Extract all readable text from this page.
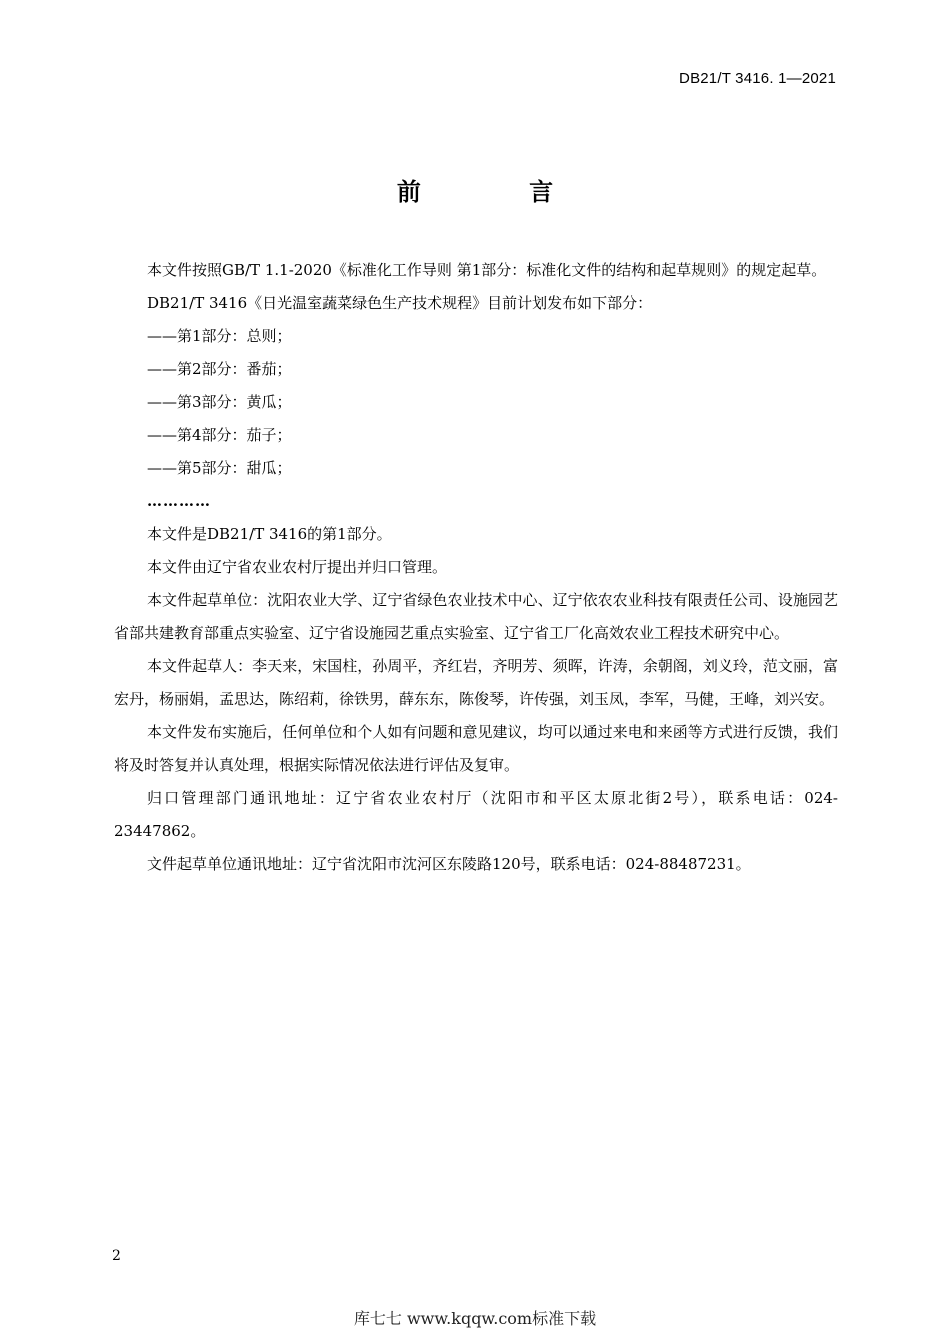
DB21/T 3416. 1—2021
前 言

本文件按照GB/T 1.1-2020《标准化工作导则 第1部分：标准化文件的结构和起草规则》的规定起草。

DB21/T 3416《日光温室蔬菜绿色生产技术规程》目前计划发布如下部分：

——第1部分：总则；

——第2部分：番茄；

——第3部分：黄瓜；

——第4部分：茄子；

——第5部分：甜瓜；

…………

本文件是DB21/T 3416的第1部分。

本文件由辽宁省农业农村厅提出并归口管理。

本文件起草单位：沈阳农业大学、辽宁省绿色农业技术中心、辽宁依农农业科技有限责任公司、设施园艺省部共建教育部重点实验室、辽宁省设施园艺重点实验室、辽宁省工厂化高效农业工程技术研究中心。

本文件起草人：李天来，宋国柱，孙周平，齐红岩，齐明芳、须晖，许涛，余朝阁，刘义玲，范文丽，富宏丹，杨丽娟，孟思达，陈绍莉，徐铁男，薛东东，陈俊琴，许传强，刘玉凤，李军，马健，王峰，刘兴安。

本文件发布实施后，任何单位和个人如有问题和意见建议，均可以通过来电和来函等方式进行反馈，我们将及时答复并认真处理，根据实际情况依法进行评估及复审。

归口管理部门通讯地址：辽宁省农业农村厅（沈阳市和平区太原北街2号），联系电话：024-23447862。

文件起草单位通讯地址：辽宁省沈阳市沈河区东陵路120号，联系电话：024-88487231。

2
库七七 www.kqqw.com标准下载
